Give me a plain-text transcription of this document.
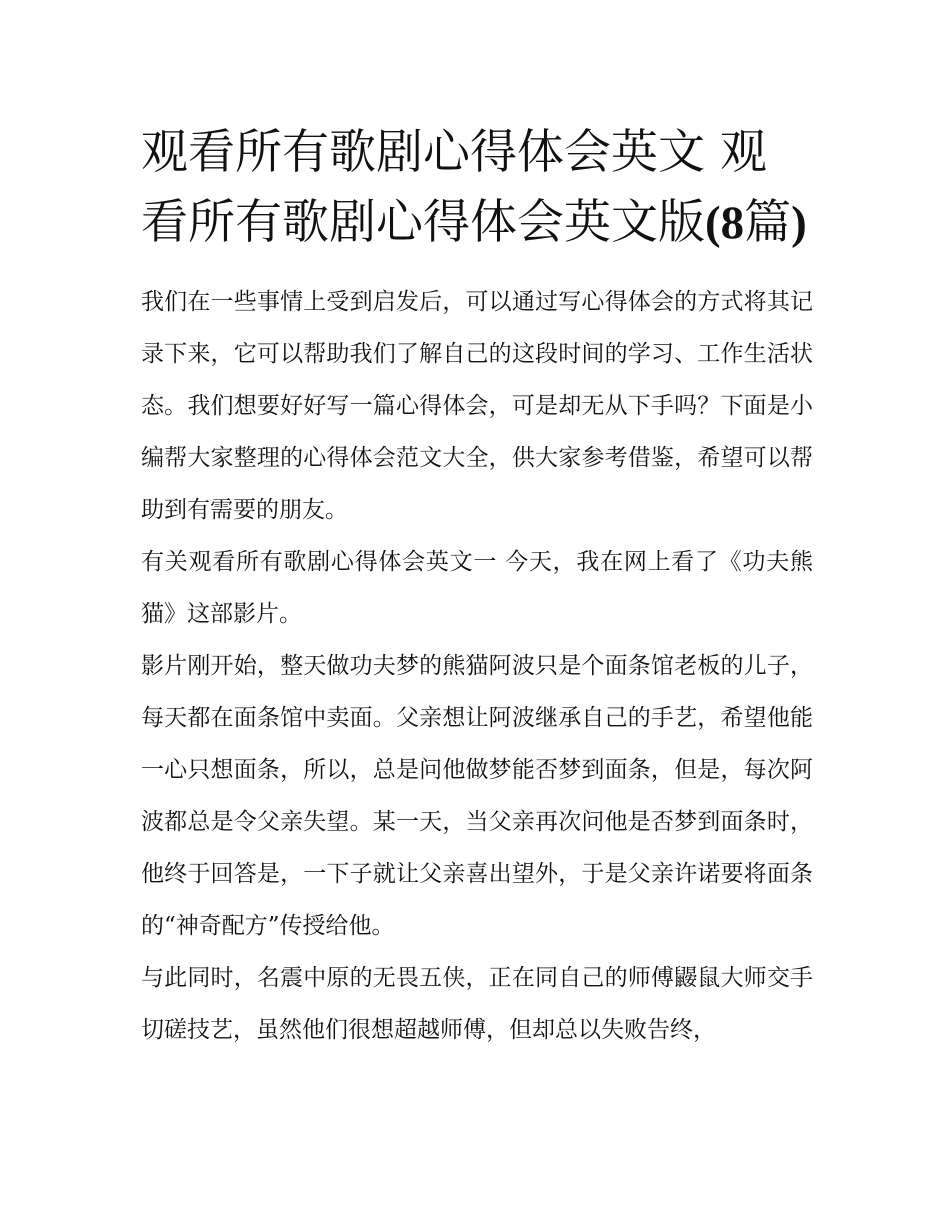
观看所有歌剧心得体会英文 观看所有歌剧心得体会英文版(8篇)

我们在一些事情上受到启发后，可以通过写心得体会的方式将其记录下来，它可以帮助我们了解自己的这段时间的学习、工作生活状态。我们想要好好写一篇心得体会，可是却无从下手吗？下面是小编帮大家整理的心得体会范文大全，供大家参考借鉴，希望可以帮助到有需要的朋友。

有关观看所有歌剧心得体会英文一 今天，我在网上看了《功夫熊猫》这部影片。

影片刚开始，整天做功夫梦的熊猫阿波只是个面条馆老板的儿子，每天都在面条馆中卖面。父亲想让阿波继承自己的手艺，希望他能一心只想面条，所以，总是问他做梦能否梦到面条，但是，每次阿波都总是令父亲失望。某一天，当父亲再次问他是否梦到面条时，他终于回答是，一下子就让父亲喜出望外，于是父亲许诺要将面条的“神奇配方”传授给他。

与此同时，名震中原的无畏五侠，正在同自己的师傅鼹鼠大师交手切磋技艺，虽然他们很想超越师傅，但却总以失败告终，
